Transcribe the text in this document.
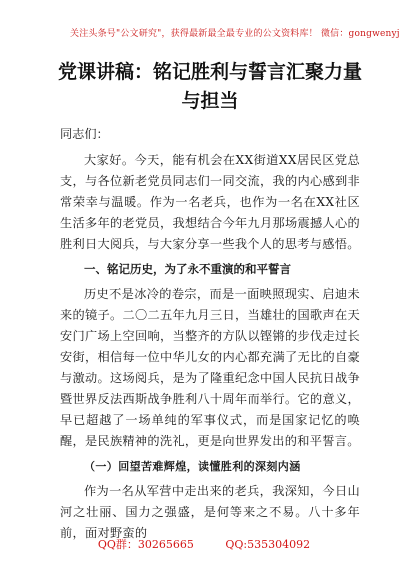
关注头条号"公文研究"，获得最新最全最专业的公文资料库！ 微信：gongwenyj
党课讲稿：铭记胜利与誓言汇聚力量与担当

同志们：

大家好。今天，能有机会在XX街道XX居民区党总支，与各位新老党员同志们一同交流，我的内心感到非常荣幸与温暖。作为一名老兵，也作为一名在XX社区生活多年的老党员，我想结合今年九月那场震撼人心的胜利日大阅兵，与大家分享一些我个人的思考与感悟。

一、铭记历史，为了永不重演的和平誓言

历史不是冰冷的卷宗，而是一面映照现实、启迪未来的镜子。二〇二五年九月三日，当雄壮的国歌声在天安门广场上空回响，当整齐的方队以铿锵的步伐走过长安街，相信每一位中华儿女的内心都充满了无比的自豪与激动。这场阅兵，是为了隆重纪念中国人民抗日战争暨世界反法西斯战争胜利八十周年而举行。它的意义，早已超越了一场单纯的军事仪式，而是国家记忆的唤醒，是民族精神的洗礼，更是向世界发出的和平誓言。

（一）回望苦难辉煌，读懂胜利的深刻内涵

作为一名从军营中走出来的老兵，我深知，今日山河之壮丽、国力之强盛，是何等来之不易。八十多年前，面对野蛮的

QQ群：30265665	QQ:535304092
